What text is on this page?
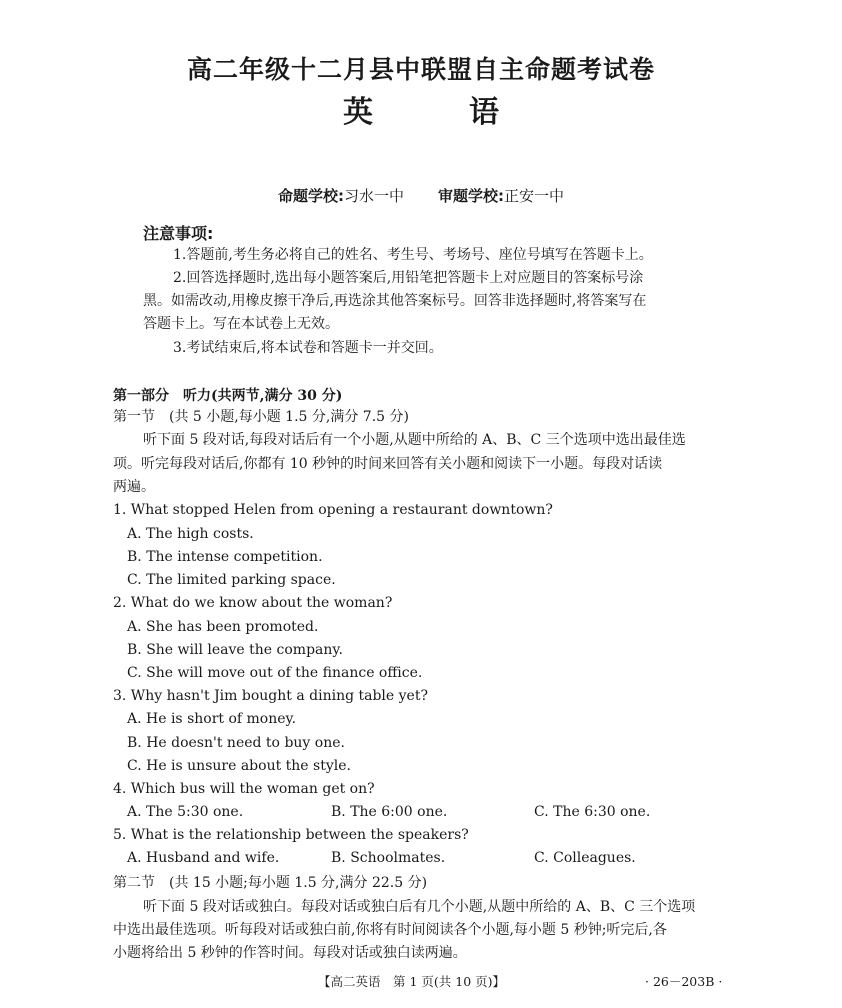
高二年级十二月县中联盟自主命题考试卷
英	语
命题学校:习水一中 审题学校:正安一中
注意事项:
1.答题前,考生务必将自己的姓名、考生号、考场号、座位号填写在答题卡上。
2.回答选择题时,选出每小题答案后,用铅笔把答题卡上对应题目的答案标号涂
黑。如需改动,用橡皮擦干净后,再选涂其他答案标号。回答非选择题时,将答案写在
答题卡上。写在本试卷上无效。
3.考试结束后,将本试卷和答题卡一并交回。
第一部分　听力(共两节,满分 30 分)
第一节　(共 5 小题,每小题 1.5 分,满分 7.5 分)
听下面 5 段对话,每段对话后有一个小题,从题中所给的 A、B、C 三个选项中选出最佳选
项。听完每段对话后,你都有 10 秒钟的时间来回答有关小题和阅读下一小题。每段对话读
两遍。
1. What stopped Helen from opening a restaurant downtown?
A. The high costs.
B. The intense competition.
C. The limited parking space.
2. What do we know about the woman?
A. She has been promoted.
B. She will leave the company.
C. She will move out of the finance office.
3. Why hasn't Jim bought a dining table yet?
A. He is short of money.
B. He doesn't need to buy one.
C. He is unsure about the style.
4. Which bus will the woman get on?
A. The 5:30 one.	B. The 6:00 one.	C. The 6:30 one.
5. What is the relationship between the speakers?
A. Husband and wife.	B. Schoolmates.	C. Colleagues.
第二节　(共 15 小题;每小题 1.5 分,满分 22.5 分)
听下面 5 段对话或独白。每段对话或独白后有几个小题,从题中所给的 A、B、C 三个选项
中选出最佳选项。听每段对话或独白前,你将有时间阅读各个小题,每小题 5 秒钟;听完后,各
小题将给出 5 秒钟的作答时间。每段对话或独白读两遍。
【高二英语　第 1 页(共 10 页)】	· 26－203B ·
